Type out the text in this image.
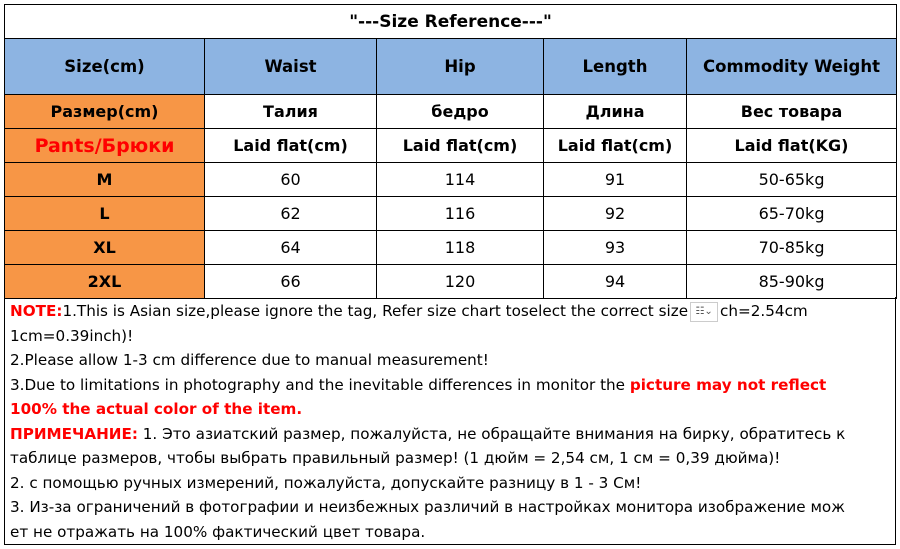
"---Size Reference---"				
Size(cm)	Waist	Hip	Length	Commodity Weight
Размер(cm)	Талия	бедро	Длина	Вес товара
Pants/Брюки	Laid flat(cm)	Laid flat(cm)	Laid flat(cm)	Laid flat(KG)
M	60	114	91	50-65kg
L	62	116	92	65-70kg
XL	64	118	93	70-85kg
2XL	66	120	94	85-90kg

NOTE:1.This is Asian size,please ignore the tag, Refer size chart toselect the correct size ☷⌄ ch=2.54cm

1cm=0.39inch)!

2.Please allow 1-3 cm difference due to manual measurement!

3.Due to limitations in photography and the inevitable differences in monitor the picture may not reflect

100% the actual color of the item.

ПРИМЕЧАНИЕ: 1. Это азиатский размер, пожалуйста, не обращайте внимания на бирку, обратитесь к

таблице размеров, чтобы выбрать правильный размер! (1 дюйм = 2,54 см, 1 см = 0,39 дюйма)!

2. с помощью ручных измерений, пожалуйста, допускайте разницу в 1 - 3 См!

3. Из-за ограничений в фотографии и неизбежных различий в настройках монитора изображение мож

ет не отражать на 100% фактический цвет товара.
